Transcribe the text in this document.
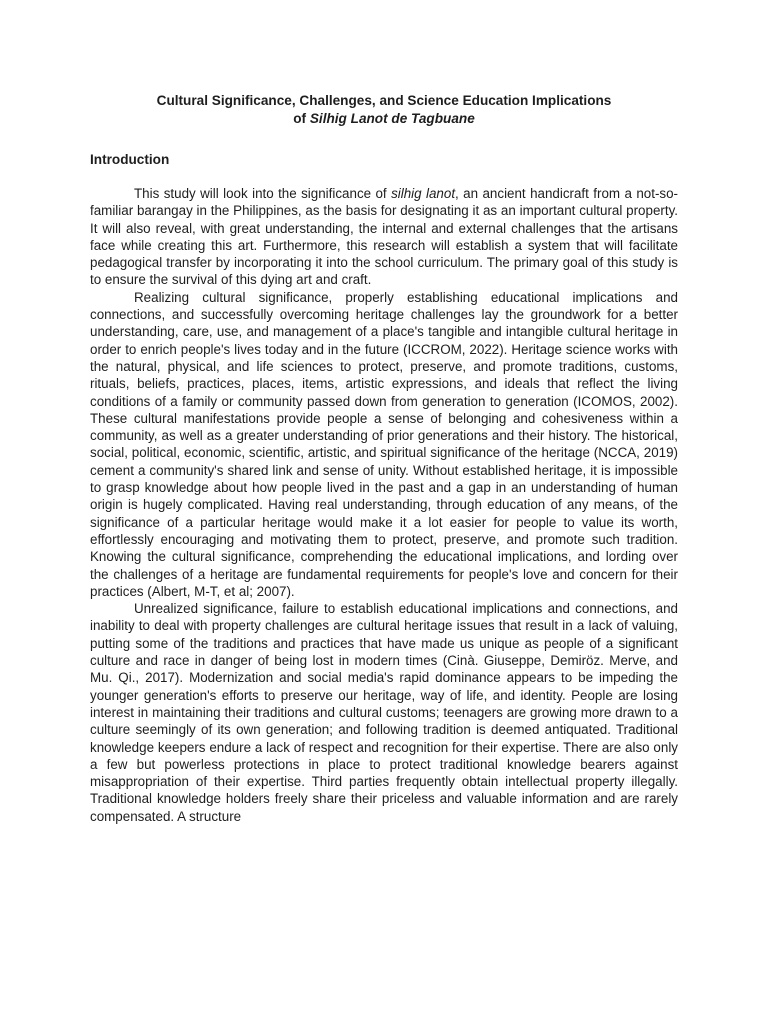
Cultural Significance, Challenges, and Science Education Implications
of Silhig Lanot de Tagbuane
Introduction

This study will look into the significance of silhig lanot, an ancient handicraft from a not-so-familiar barangay in the Philippines, as the basis for designating it as an important cultural property. It will also reveal, with great understanding, the internal and external challenges that the artisans face while creating this art. Furthermore, this research will establish a system that will facilitate pedagogical transfer by incorporating it into the school curriculum. The primary goal of this study is to ensure the survival of this dying art and craft.

Realizing cultural significance, properly establishing educational implications and connections, and successfully overcoming heritage challenges lay the groundwork for a better understanding, care, use, and management of a place's tangible and intangible cultural heritage in order to enrich people's lives today and in the future (ICCROM, 2022). Heritage science works with the natural, physical, and life sciences to protect, preserve, and promote traditions, customs, rituals, beliefs, practices, places, items, artistic expressions, and ideals that reflect the living conditions of a family or community passed down from generation to generation (ICOMOS, 2002). These cultural manifestations provide people a sense of belonging and cohesiveness within a community, as well as a greater understanding of prior generations and their history. The historical, social, political, economic, scientific, artistic, and spiritual significance of the heritage (NCCA, 2019) cement a community's shared link and sense of unity. Without established heritage, it is impossible to grasp knowledge about how people lived in the past and a gap in an understanding of human origin is hugely complicated. Having real understanding, through education of any means, of the significance of a particular heritage would make it a lot easier for people to value its worth, effortlessly encouraging and motivating them to protect, preserve, and promote such tradition. Knowing the cultural significance, comprehending the educational implications, and lording over the challenges of a heritage are fundamental requirements for people's love and concern for their practices (Albert, M-T, et al; 2007).

Unrealized significance, failure to establish educational implications and connections, and inability to deal with property challenges are cultural heritage issues that result in a lack of valuing, putting some of the traditions and practices that have made us unique as people of a significant culture and race in danger of being lost in modern times (Cinà. Giuseppe, Demiröz. Merve, and Mu. Qi., 2017). Modernization and social media's rapid dominance appears to be impeding the younger generation's efforts to preserve our heritage, way of life, and identity. People are losing interest in maintaining their traditions and cultural customs; teenagers are growing more drawn to a culture seemingly of its own generation; and following tradition is deemed antiquated. Traditional knowledge keepers endure a lack of respect and recognition for their expertise. There are also only a few but powerless protections in place to protect traditional knowledge bearers against misappropriation of their expertise. Third parties frequently obtain intellectual property illegally. Traditional knowledge holders freely share their priceless and valuable information and are rarely compensated. A structure
